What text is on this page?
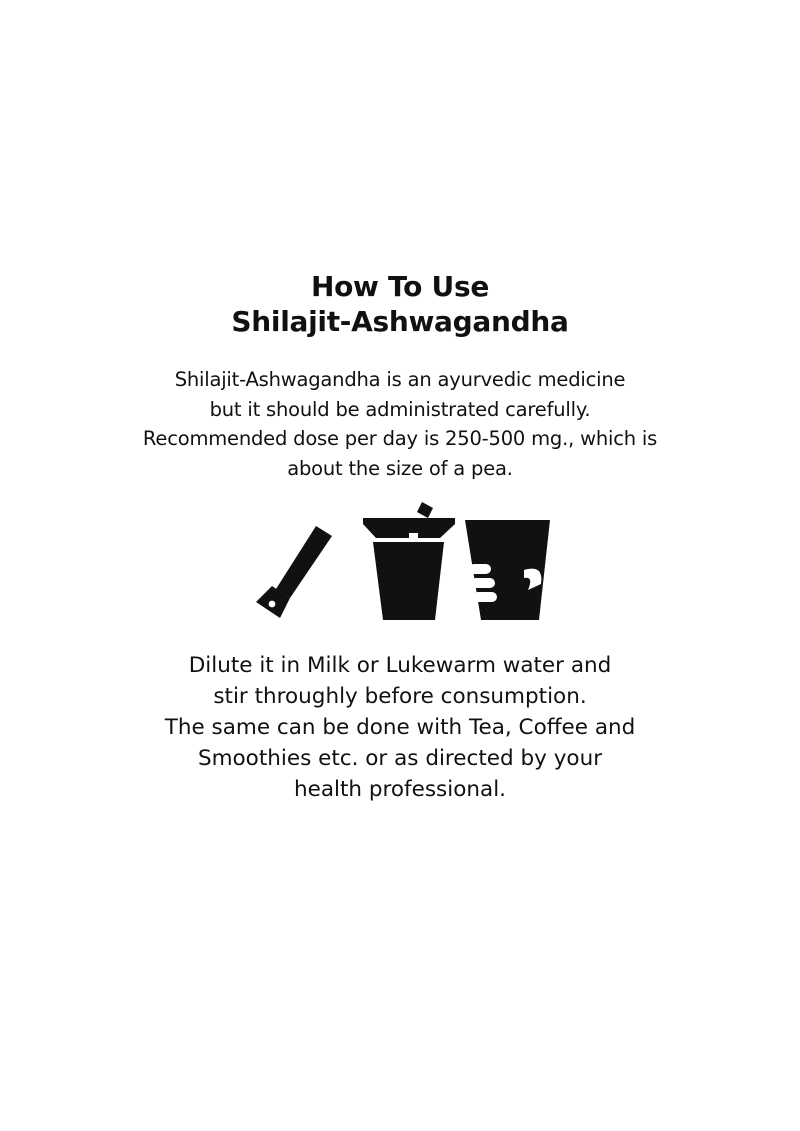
How To Use
Shilajit-Ashwagandha

Shilajit-Ashwagandha is an ayurvedic medicine

but it should be administrated carefully.

Recommended dose per day is 250-500 mg., which is

about the size of a pea.

Dilute it in Milk or Lukewarm water and

stir throughly before consumption.

The same can be done with Tea, Coffee and

Smoothies etc. or as directed by your

health professional.
